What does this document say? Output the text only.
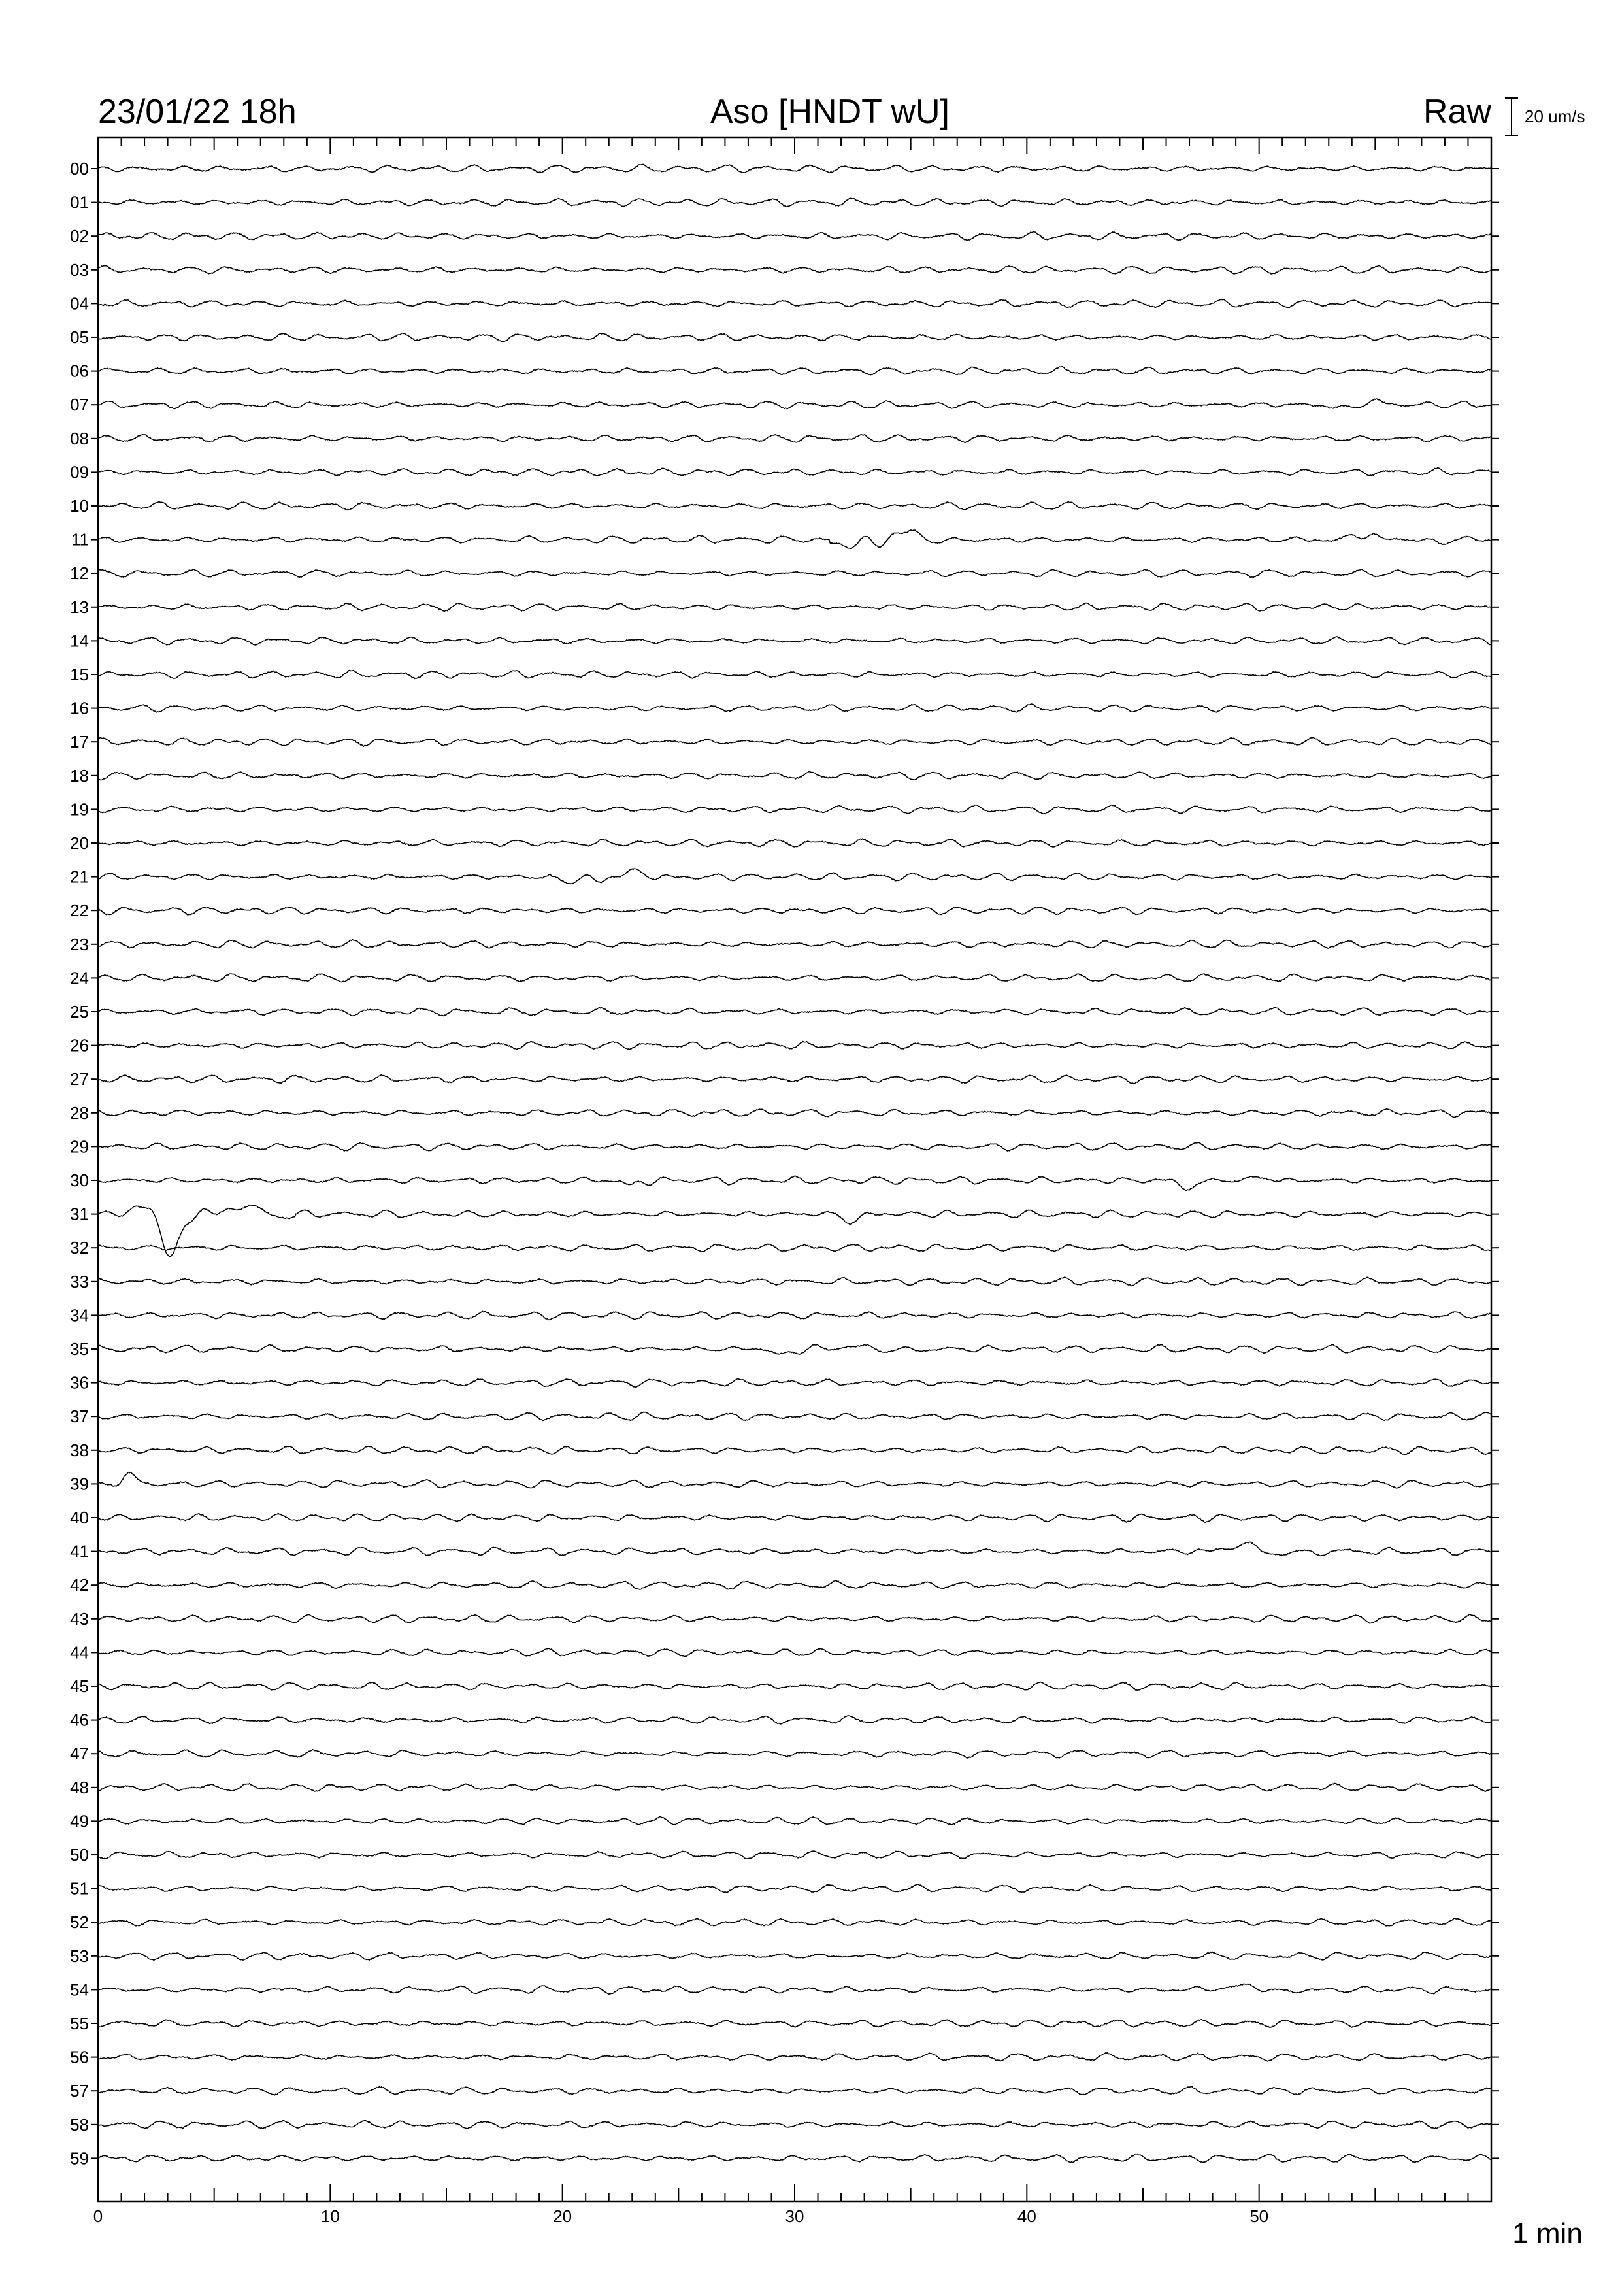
23/01/22 18h	Aso [HNDT wU]	Raw 20 um/s
00
01
02
03
04
05
06
07
08
09
10
11
12
13
14
15
16
17
18
19
20
21
22
23
24
25
26
27
28
29
30
31
32
33
34
35
36
37
38
39
40
41
42
43
44
45
46
47
48
49
50
51
52
53
54
55
56
57
58
59
0	10	20	30	40	50
1 min
